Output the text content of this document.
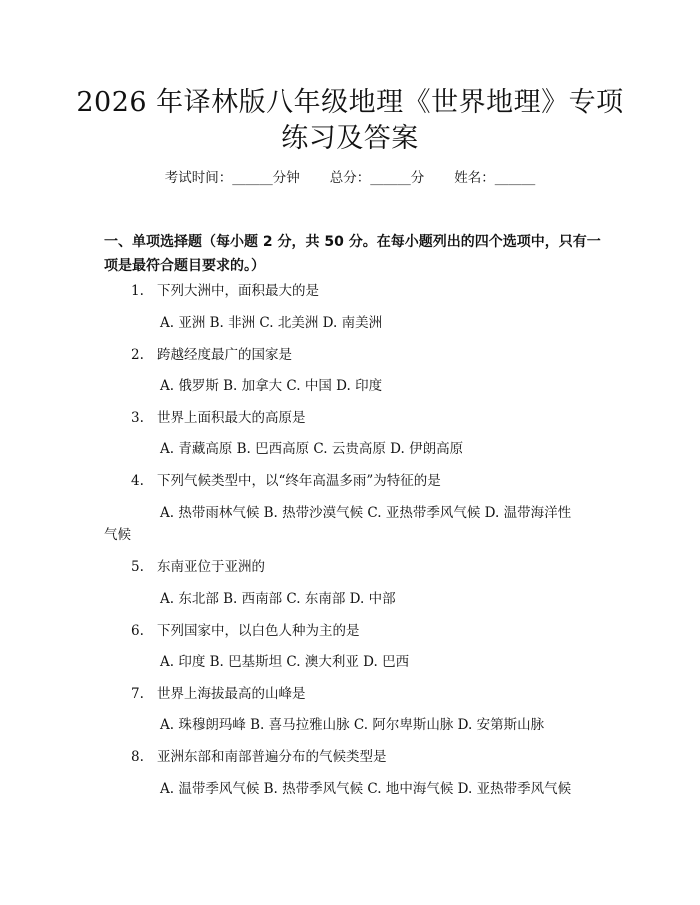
2026 年译林版八年级地理《世界地理》专项
练习及答案
考试时间：______分钟 总分：______分 姓名：______
一、单项选择题（每小题 2 分，共 50 分。在每小题列出的四个选项中，只有一项是最符合题目要求的。）
1. 下列大洲中，面积最大的是
A. 亚洲 B. 非洲 C. 北美洲 D. 南美洲
2. 跨越经度最广的国家是
A. 俄罗斯 B. 加拿大 C. 中国 D. 印度
3. 世界上面积最大的高原是
A. 青藏高原 B. 巴西高原 C. 云贵高原 D. 伊朗高原
4. 下列气候类型中，以“终年高温多雨”为特征的是
A. 热带雨林气候 B. 热带沙漠气候 C. 亚热带季风气候 D. 温带海洋性
气候
5. 东南亚位于亚洲的
A. 东北部 B. 西南部 C. 东南部 D. 中部
6. 下列国家中，以白色人种为主的是
A. 印度 B. 巴基斯坦 C. 澳大利亚 D. 巴西
7. 世界上海拔最高的山峰是
A. 珠穆朗玛峰 B. 喜马拉雅山脉 C. 阿尔卑斯山脉 D. 安第斯山脉
8. 亚洲东部和南部普遍分布的气候类型是
A. 温带季风气候 B. 热带季风气候 C. 地中海气候 D. 亚热带季风气候
